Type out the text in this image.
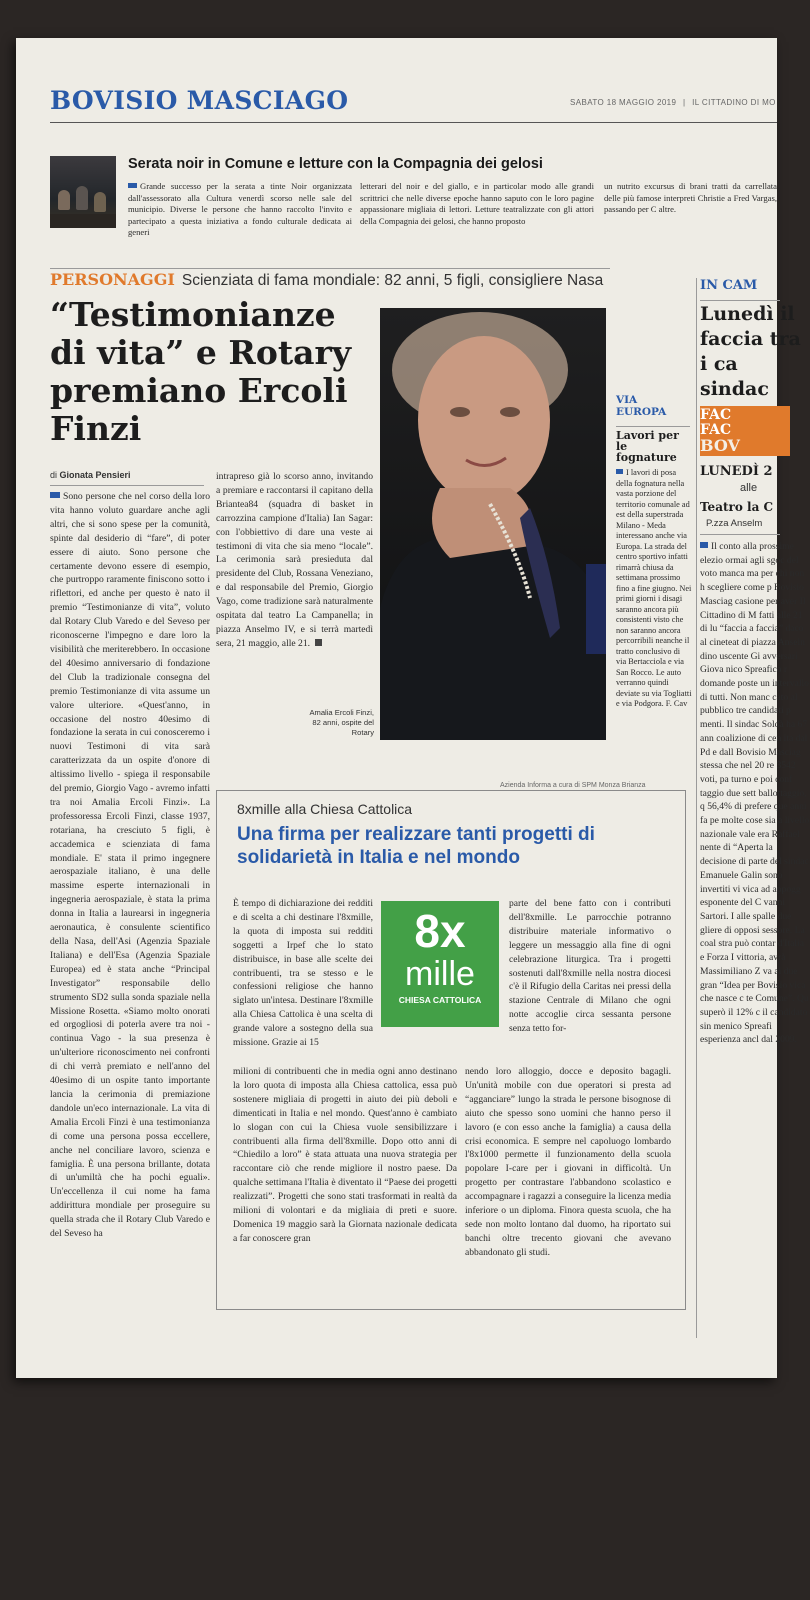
BOVISIO MASCIAGO	SABATO 18 MAGGIO 2019 | IL CITTADINO DI MO
Serata noir in Comune e letture con la Compagnia dei gelosi
Grande successo per la serata a tinte Noir organizzata dall'assessorato alla Cultura venerdì scorso nelle sale del municipio. Diverse le persone che hanno raccolto l'invito e partecipato a questa iniziativa a fondo culturale dedicata ai generi
letterari del noir e del giallo, e in particolar modo alle grandi scrittrici che nelle diverse epoche hanno saputo con le loro pagine appassionare migliaia di lettori. Letture teatralizzate con gli attori della Compagnia dei gelosi, che hanno proposto
un nutrito excursus di brani tratti da carrellata delle più famose interpreti Christie a Fred Vargas, passando per C altre.
PERSONAGGI Scienziata di fama mondiale: 82 anni, 5 figli, consigliere Nasa
“Testimonianze di vita” e Rotary premiano Ercoli Finzi
di Gionata Pensieri
Sono persone che nel corso della loro vita hanno voluto guardare anche agli altri, che si sono spese per la comunità, spinte dal desiderio di “fare”, di poter essere di aiuto. Sono persone che certamente devono essere di esempio, che purtroppo raramente finiscono sotto i riflettori, ed anche per questo è nato il premio “Testimonianze di vita”, voluto dal Rotary Club Varedo e del Seveso per riconoscerne l'impegno e dare loro la visibilità che meriterebbero. In occasione del 40esimo anniversario di fondazione del Club la tradizionale consegna del premio Testimonianze di vita assume un valore ulteriore. «Quest'anno, in occasione del nostro 40esimo di fondazione la serata in cui conosceremo i nuovi Testimoni di vita sarà caratterizzata da un ospite d'onore di altissimo livello - spiega il responsabile del premio, Giorgio Vago - avremo infatti tra noi Amalia Ercoli Finzi». La professoressa Ercoli Finzi, classe 1937, rotariana, ha cresciuto 5 figli, è accademica e scienziata di fama mondiale. E' stata il primo ingegnere aerospaziale italiano, è una delle massime esperte internazionali in ingegneria aerospaziale, è stata la prima donna in Italia a laurearsi in ingegneria aeronautica, è consulente scientifico della Nasa, dell'Asi (Agenzia Spaziale Italiana) e dell'Esa (Agenzia Spaziale Europea) ed è stata anche “Principal Investigator” responsabile dello strumento SD2 sulla sonda spaziale nella Missione Rosetta. «Siamo molto onorati ed orgogliosi di poterla avere tra noi - continua Vago - la sua presenza è un'ulteriore riconoscimento nei confronti di chi verrà premiato e nell'anno del 40esimo di un ospite tanto importante lancia la cerimonia di premiazione dandole un'eco internazionale. La vita di Amalia Ercoli Finzi è una testimonianza di come una persona possa eccellere, anche nel conciliare lavoro, scienza e famiglia. È una persona brillante, dotata di un'umiltà che ha pochi eguali». Un'eccellenza il cui nome ha fama addirittura mondiale per proseguire su quella strada che il Rotary Club Varedo e del Seveso ha
intrapreso già lo scorso anno, invitando a premiare e raccontarsi il capitano della Brianteа84 (squadra di basket in carrozzina campione d'Italia) Ian Sagar: con l'obbiettivo di dare una veste ai testimoni di vita che sia meno “locale”. La cerimonia sarà presieduta dal presidente del Club, Rossana Veneziano, e dal responsabile del Premio, Giorgio Vago, come tradizione sarà naturalmente ospitata dal teatro La Campanella; in piazza Anselmo IV, e si terrà martedì sera, 21 maggio, alle 21.
Amalia Ercoli Finzi, 82 anni, ospite del Rotary
VIA EUROPA
Lavori per le fognature
I lavori di posa della fognatura nella vasta porzione del territorio comunale ad est della superstrada Milano - Meda interessano anche via Europa. La strada del centro sportivo infatti rimarrà chiusa da settimana prossimo fino a fine giugno. Nei primi giorni i disagi saranno ancora più consistenti visto che non saranno ancora percorribili neanche il tratto conclusivo di via Bertacciola e via San Rocco. Le auto verranno quindi deviate su via Togliatti e via Podgora. F. Cav
IN CAM
Lunedì il faccia tra i ca sindac
FAC
FAC
BOV
LUNEDÌ 2
alle
Teatro la C
P.zza Anselm
Il conto alla prossime elezio ormai agli sgoc del voto manca ma per chi non h scegliere come p Bovisio Masciag casione per aver Il Cittadino di M fatti alle 21 di lu “faccia a faccia” daco al cineteat di piazza Anseln dino uscente Gi avversari Giova nico Spreafico r domande poste un intervallo di tutti. Non manc cato al pubblico tre candidati p menti. Il sindac Soldà ha 67 ann coalizione di cen ita dal Pd e dall Bovisio Masciag stessa che nel 20 re 3542 voti, pa turno e poi conf taggio due sett ballottaggio, q 56,4% di prefere que anni fa pe molte cose sia a livello nazionale vale era Raffael nente di “Aperta la decisione di parte del sindac Emanuele Galin sono invertiti vi vica ad appogg esponente del C vanni Sartori. I alle spalle due gliere di opposi sessore. La coal stra può contar d'Italia e Forza I vittoria, avrà Massimiliano Z va ai due gran “Idea per Bovisio vica che nasce c te Comune”. Qu superò il 12% c il candidato sin menico Spreafi esperienza ancl dal 2009.
Azienda Informa a cura di SPM Monza Brianza
8xmille alla Chiesa Cattolica
Una firma per realizzare tanti progetti di solidarietà in Italia e nel mondo
È tempo di dichiarazione dei redditi e di scelta a chi destinare l'8xmille, la quota di imposta sui redditi soggetti a Irpef che lo stato distribuisce, in base alle scelte dei contribuenti, tra se stesso e le confessioni religiose che hanno siglato un'intesa. Destinare l'8xmille alla Chiesa Cattolica è una scelta di grande valore a sostegno della sua missione. Grazie ai 15
8x
mille
CHIESA CATTOLICA
parte del bene fatto con i contributi dell'8xmille. Le parrocchie potranno distribuire materiale informativo o leggere un messaggio alla fine di ogni celebrazione liturgica. Tra i progetti sostenuti dall'8xmille nella nostra diocesi c'è il Rifugio della Caritas nei pressi della stazione Centrale di Milano che ogni notte accoglie circa sessanta persone senza tetto for-
milioni di contribuenti che in media ogni anno destinano la loro quota di imposta alla Chiesa cattolica, essa può sostenere migliaia di progetti in aiuto dei più deboli e dimenticati in Italia e nel mondo. Quest'anno è cambiato lo slogan con cui la Chiesa vuole sensibilizzare i contribuenti alla firma dell'8xmille. Dopo otto anni di “Chiedilo a loro” è stata attuata una nuova strategia per raccontare ciò che rende migliore il nostro paese. Da qualche settimana l'Italia è diventato il “Paese dei progetti realizzati”. Progetti che sono stati trasformati in realtà da milioni di volontari e da migliaia di preti e suore. Domenica 19 maggio sarà la Giornata nazionale dedicata a far conoscere gran
nendo loro alloggio, docce e deposito bagagli. Un'unità mobile con due operatori si presta ad “agganciare” lungo la strada le persone bisognose di aiuto che spesso sono uomini che hanno perso il lavoro (e con esso anche la famiglia) a causa della crisi economica. E sempre nel capoluogo lombardo l'8x1000 permette il funzionamento della scuola popolare I-care per i giovani in difficoltà. Un progetto per contrastare l'abbandono scolastico e accompagnare i ragazzi a conseguire la licenza media inferiore o un diploma. Finora questa scuola, che ha sede non molto lontano dal duomo, ha riportato sui banchi oltre trecento giovani che avevano abbandonato gli studi.
